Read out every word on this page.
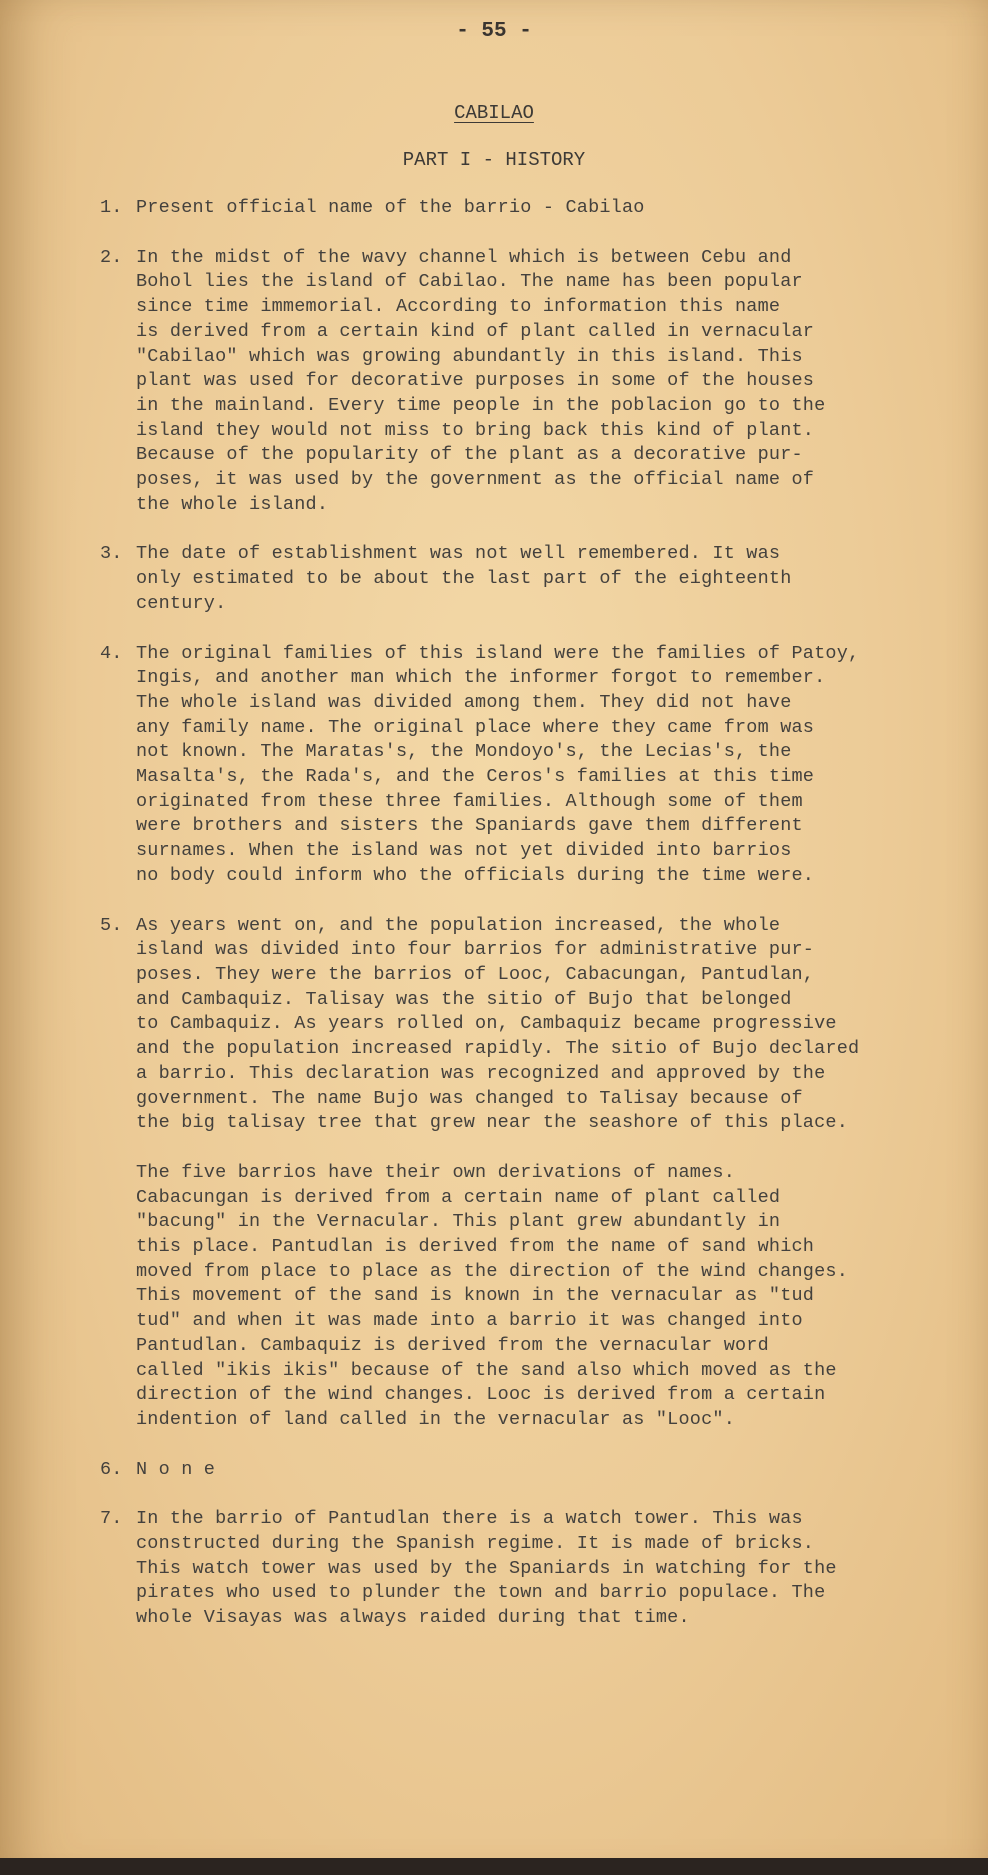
- 55 -
CABILAO
PART I - HISTORY
1. Present official name of the barrio - Cabilao
2. In the midst of the wavy channel which is between Cebu and
Bohol lies the island of Cabilao. The name has been popular
since time immemorial. According to information this name
is derived from a certain kind of plant called in vernacular
"Cabilao" which was growing abundantly in this island. This
plant was used for decorative purposes in some of the houses
in the mainland. Every time people in the poblacion go to the
island they would not miss to bring back this kind of plant.
Because of the popularity of the plant as a decorative pur-
poses, it was used by the government as the official name of
the whole island.
3. The date of establishment was not well remembered. It was
only estimated to be about the last part of the eighteenth
century.
4. The original families of this island were the families of Patoy,
Ingis, and another man which the informer forgot to remember.
The whole island was divided among them. They did not have
any family name. The original place where they came from was
not known. The Maratas's, the Mondoyo's, the Lecias's, the
Masalta's, the Rada's, and the Ceros's families at this time
originated from these three families. Although some of them
were brothers and sisters the Spaniards gave them different
surnames. When the island was not yet divided into barrios
no body could inform who the officials during the time were.
5. As years went on, and the population increased, the whole
island was divided into four barrios for administrative pur-
poses. They were the barrios of Looc, Cabacungan, Pantudlan,
and Cambaquiz. Talisay was the sitio of Bujo that belonged
to Cambaquiz. As years rolled on, Cambaquiz became progressive
and the population increased rapidly. The sitio of Bujo declared
a barrio. This declaration was recognized and approved by the
government. The name Bujo was changed to Talisay because of
the big talisay tree that grew near the seashore of this place.
The five barrios have their own derivations of names.
Cabacungan is derived from a certain name of plant called
"bacung" in the Vernacular. This plant grew abundantly in
this place. Pantudlan is derived from the name of sand which
moved from place to place as the direction of the wind changes.
This movement of the sand is known in the vernacular as "tud
tud" and when it was made into a barrio it was changed into
Pantudlan. Cambaquiz is derived from the vernacular word
called "ikis ikis" because of the sand also which moved as the
direction of the wind changes. Looc is derived from a certain
indention of land called in the vernacular as "Looc".
6. N o n e
7. In the barrio of Pantudlan there is a watch tower. This was
constructed during the Spanish regime. It is made of bricks.
This watch tower was used by the Spaniards in watching for the
pirates who used to plunder the town and barrio populace. The
whole Visayas was always raided during that time.
